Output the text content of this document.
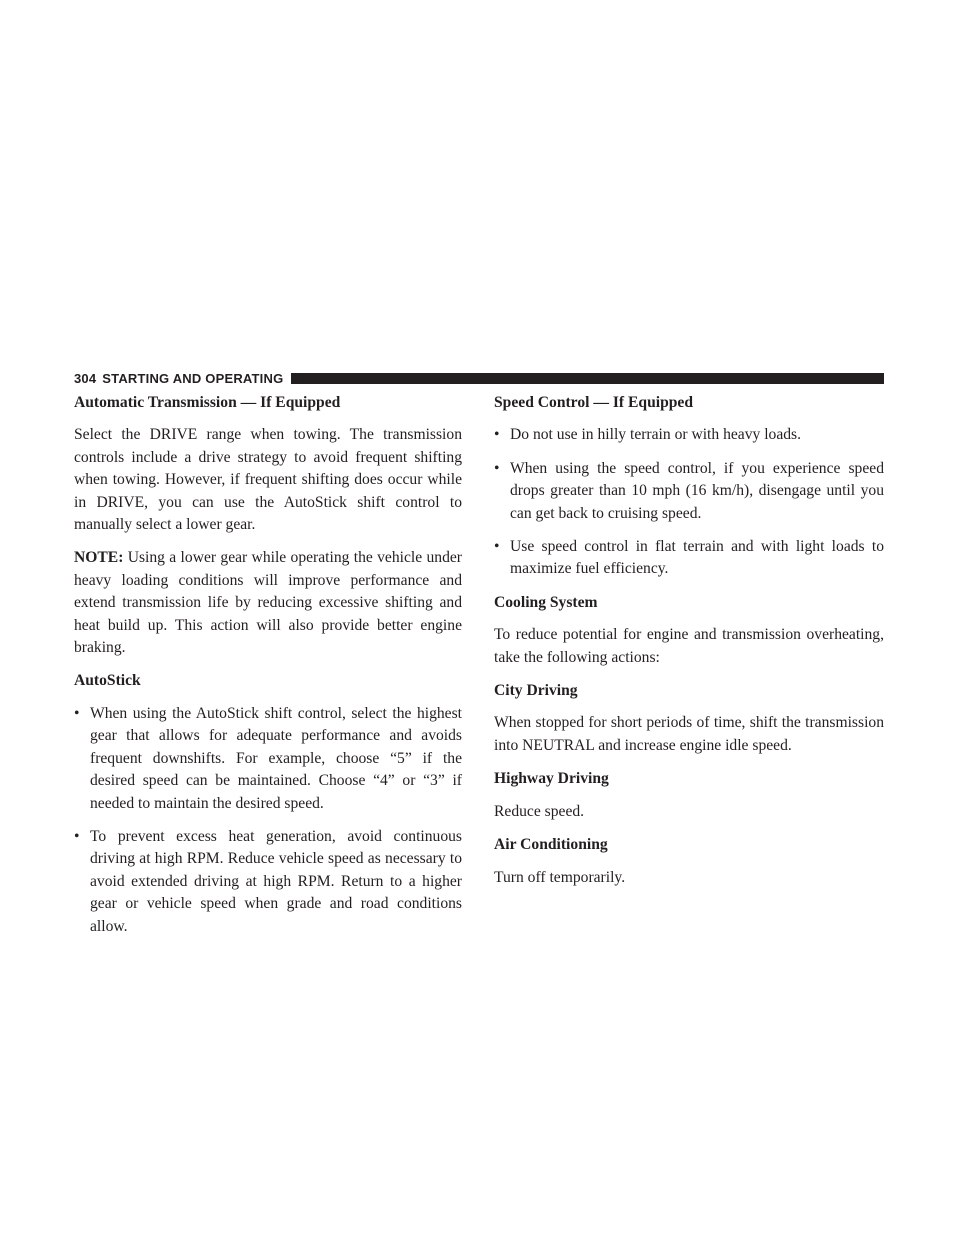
304 STARTING AND OPERATING
Automatic Transmission — If Equipped

Select the DRIVE range when towing. The transmission controls include a drive strategy to avoid frequent shifting when towing. However, if frequent shifting does occur while in DRIVE, you can use the AutoStick shift control to manually select a lower gear.

NOTE: Using a lower gear while operating the vehicle under heavy loading conditions will improve performance and extend transmission life by reducing excessive shifting and heat build up. This action will also provide better engine braking.

AutoStick
• When using the AutoStick shift control, select the highest gear that allows for adequate performance and avoids frequent downshifts. For example, choose “5” if the desired speed can be maintained. Choose “4” or “3” if needed to maintain the desired speed.
• To prevent excess heat generation, avoid continuous driving at high RPM. Reduce vehicle speed as necessary to avoid extended driving at high RPM. Return to a higher gear or vehicle speed when grade and road conditions allow.
Speed Control — If Equipped
• Do not use in hilly terrain or with heavy loads.
• When using the speed control, if you experience speed drops greater than 10 mph (16 km/h), disengage until you can get back to cruising speed.
• Use speed control in flat terrain and with light loads to maximize fuel efficiency.
Cooling System

To reduce potential for engine and transmission overheating, take the following actions:

City Driving

When stopped for short periods of time, shift the transmission into NEUTRAL and increase engine idle speed.

Highway Driving

Reduce speed.

Air Conditioning

Turn off temporarily.
